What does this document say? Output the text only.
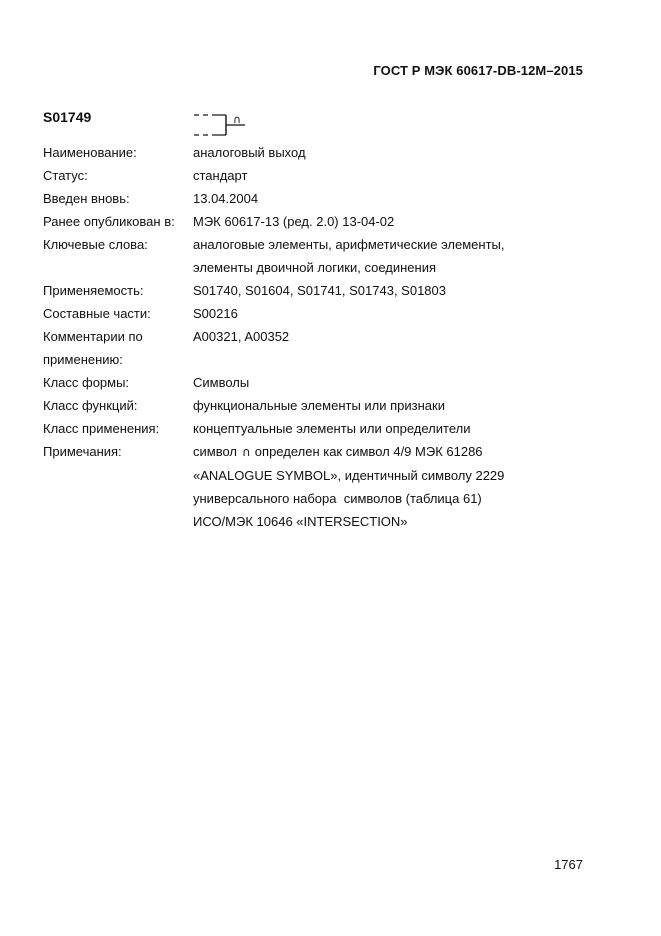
ГОСТ Р МЭК 60617-DB-12M–2015
S01749	∩
Наименование:	аналоговый выход
Статус:	стандарт
Введен вновь:	13.04.2004
Ранее опубликован в:	МЭК 60617-13 (ред. 2.0) 13-04-02
Ключевые слова:	аналоговые элементы, арифметические элементы,
элементы двоичной логики, соединения
Применяемость:	S01740, S01604, S01741, S01743, S01803
Составные части:	S00216
Комментарии по
применению:
A00321, A00352
Класс формы:	Символы
Класс функций:	функциональные элементы или признаки
Класс применения:	концептуальные элементы или определители
Примечания:	символ ∩ определен как символ 4/9 МЭК 61286
«ANALOGUE SYMBOL», идентичный символу 2229
универсального набора  символов (таблица 61)
ИСО/МЭК 10646 «INTERSECTION»
1767
